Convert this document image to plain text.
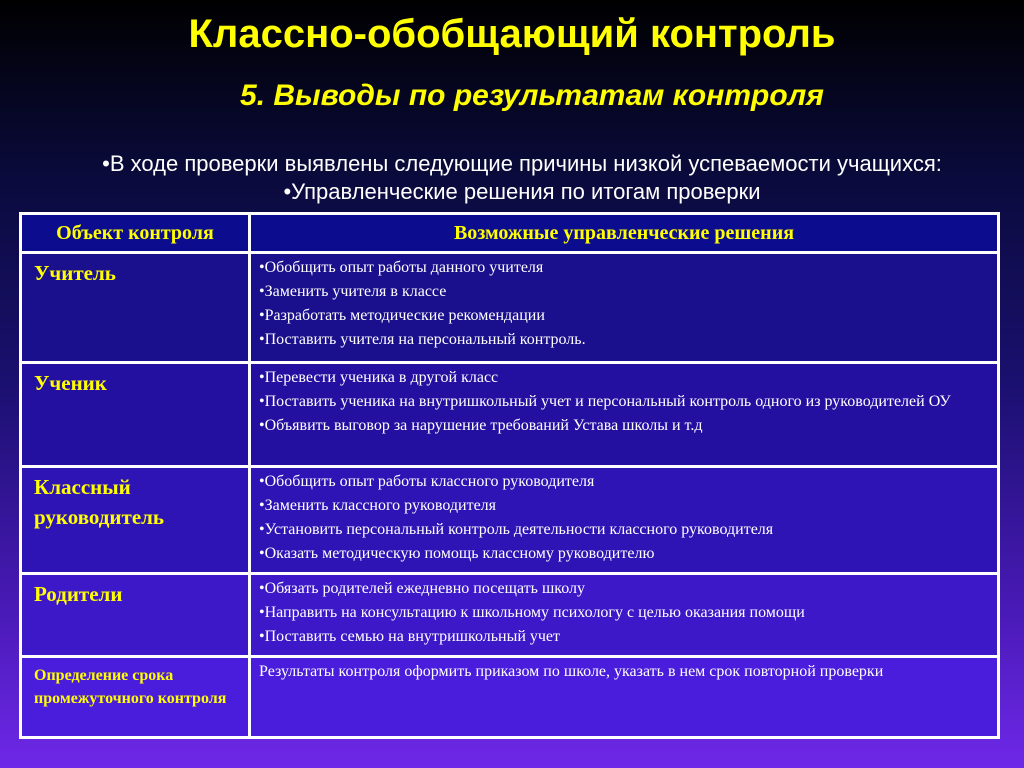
Классно-обобщающий контроль
5. Выводы по результатам контроля
•В ходе проверки выявлены следующие причины низкой успеваемости учащихся:
•Управленческие решения по итогам проверки
Объект контроля	Возможные управленческие решения

Учитель	•Обобщить опыт работы данного учителя
•Заменить учителя в классе
•Разработать методические рекомендации
•Поставить учителя на персональный контроль.

Ученик	•Перевести ученика в другой класс
•Поставить ученика на внутришкольный учет и персональный контроль одного из руководителей ОУ
•Объявить выговор за нарушение требований Устава школы и т.д

Классный руководитель	•Обобщить опыт работы классного руководителя
•Заменить классного руководителя
•Установить персональный контроль деятельности классного руководителя
•Оказать методическую помощь классному руководителю

Родители	•Обязать родителей ежедневно посещать школу
•Направить на консультацию к школьному психологу с целью оказания помощи
•Поставить семью на внутришкольный учет

Определение срока промежуточного контроля	Результаты контроля оформить приказом по школе, указать в нем срок повторной проверки
